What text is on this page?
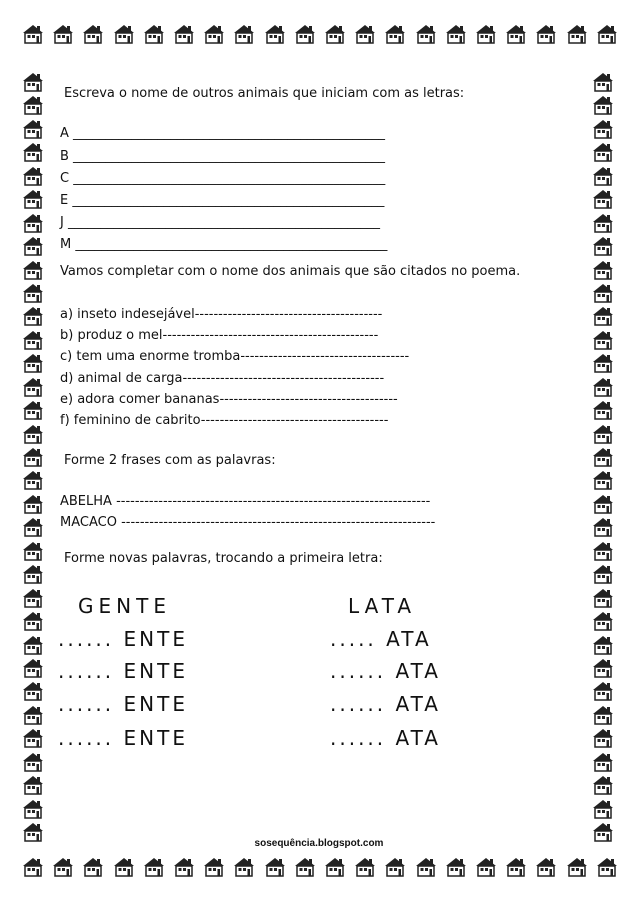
Escreva o nome de outros animais que iniciam com as letras:
A ________________________________________________
B ________________________________________________
C ________________________________________________
E ________________________________________________
J ________________________________________________
M ________________________________________________
Vamos completar com o nome dos animais que são citados no poema.
a) inseto indesejável----------------------------------------
b) produz o mel----------------------------------------------
c) tem uma enorme tromba------------------------------------
d) animal de carga-------------------------------------------
e) adora comer bananas--------------------------------------
f) feminino de cabrito----------------------------------------
Forme 2 frases com as palavras:
ABELHA -------------------------------------------------------------------
MACACO -------------------------------------------------------------------
Forme novas palavras, trocando a primeira letra:
GENTE	LATA
...... ENTE
...... ENTE
...... ENTE
...... ENTE
..... ATA
...... ATA
...... ATA
...... ATA
sosequência.blogspot.com
